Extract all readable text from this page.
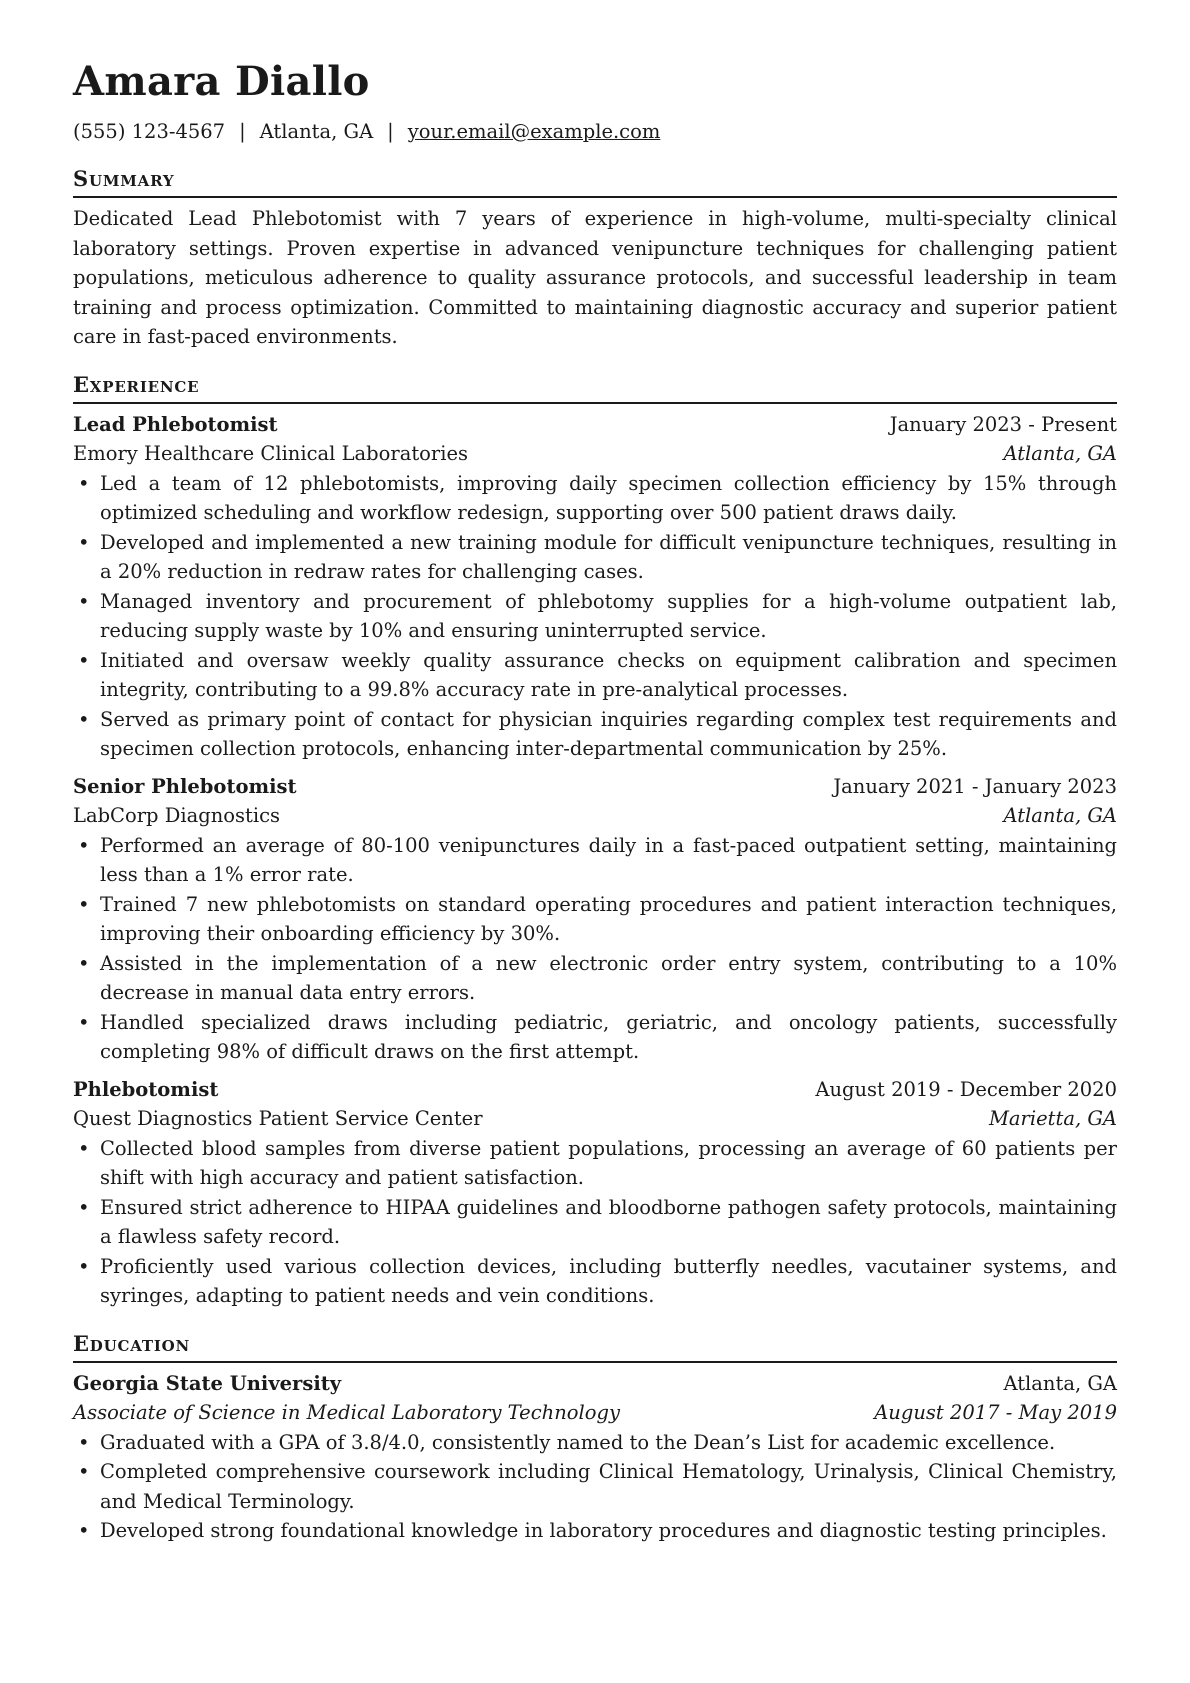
Amara Diallo
(555) 123-4567 | Atlanta, GA | your.email@example.com
Summary

Dedicated Lead Phlebotomist with 7 years of experience in high-volume, multi-specialty clinical laboratory settings. Proven expertise in advanced venipuncture techniques for challenging patient populations, meticulous adherence to quality assurance protocols, and successful leadership in team training and process optimization. Committed to maintaining diagnostic accuracy and superior patient care in fast-paced environments.

Experience
Lead Phlebotomist	January 2023 - Present
Emory Healthcare Clinical Laboratories	Atlanta, GA
• Led a team of 12 phlebotomists, improving daily specimen collection efficiency by 15% through optimized scheduling and workflow redesign, supporting over 500 patient draws daily.
• Developed and implemented a new training module for difficult venipuncture techniques, resulting in a 20% reduction in redraw rates for challenging cases.
• Managed inventory and procurement of phlebotomy supplies for a high-volume outpatient lab, reducing supply waste by 10% and ensuring uninterrupted service.
• Initiated and oversaw weekly quality assurance checks on equipment calibration and specimen integrity, contributing to a 99.8% accuracy rate in pre-analytical processes.
• Served as primary point of contact for physician inquiries regarding complex test requirements and specimen collection protocols, enhancing inter-departmental communication by 25%.
Senior Phlebotomist	January 2021 - January 2023
LabCorp Diagnostics	Atlanta, GA
• Performed an average of 80-100 venipunctures daily in a fast-paced outpatient setting, maintaining less than a 1% error rate.
• Trained 7 new phlebotomists on standard operating procedures and patient interaction techniques, improving their onboarding efficiency by 30%.
• Assisted in the implementation of a new electronic order entry system, contributing to a 10% decrease in manual data entry errors.
• Handled specialized draws including pediatric, geriatric, and oncology patients, successfully completing 98% of difficult draws on the first attempt.
Phlebotomist	August 2019 - December 2020
Quest Diagnostics Patient Service Center	Marietta, GA
• Collected blood samples from diverse patient populations, processing an average of 60 patients per shift with high accuracy and patient satisfaction.
• Ensured strict adherence to HIPAA guidelines and bloodborne pathogen safety protocols, maintaining a flawless safety record.
• Proficiently used various collection devices, including butterfly needles, vacutainer systems, and syringes, adapting to patient needs and vein conditions.
Education
Georgia State University	Atlanta, GA
Associate of Science in Medical Laboratory Technology	August 2017 - May 2019
• Graduated with a GPA of 3.8/4.0, consistently named to the Dean’s List for academic excellence.
• Completed comprehensive coursework including Clinical Hematology, Urinalysis, Clinical Chemistry, and Medical Terminology.
• Developed strong foundational knowledge in laboratory procedures and diagnostic testing principles.
